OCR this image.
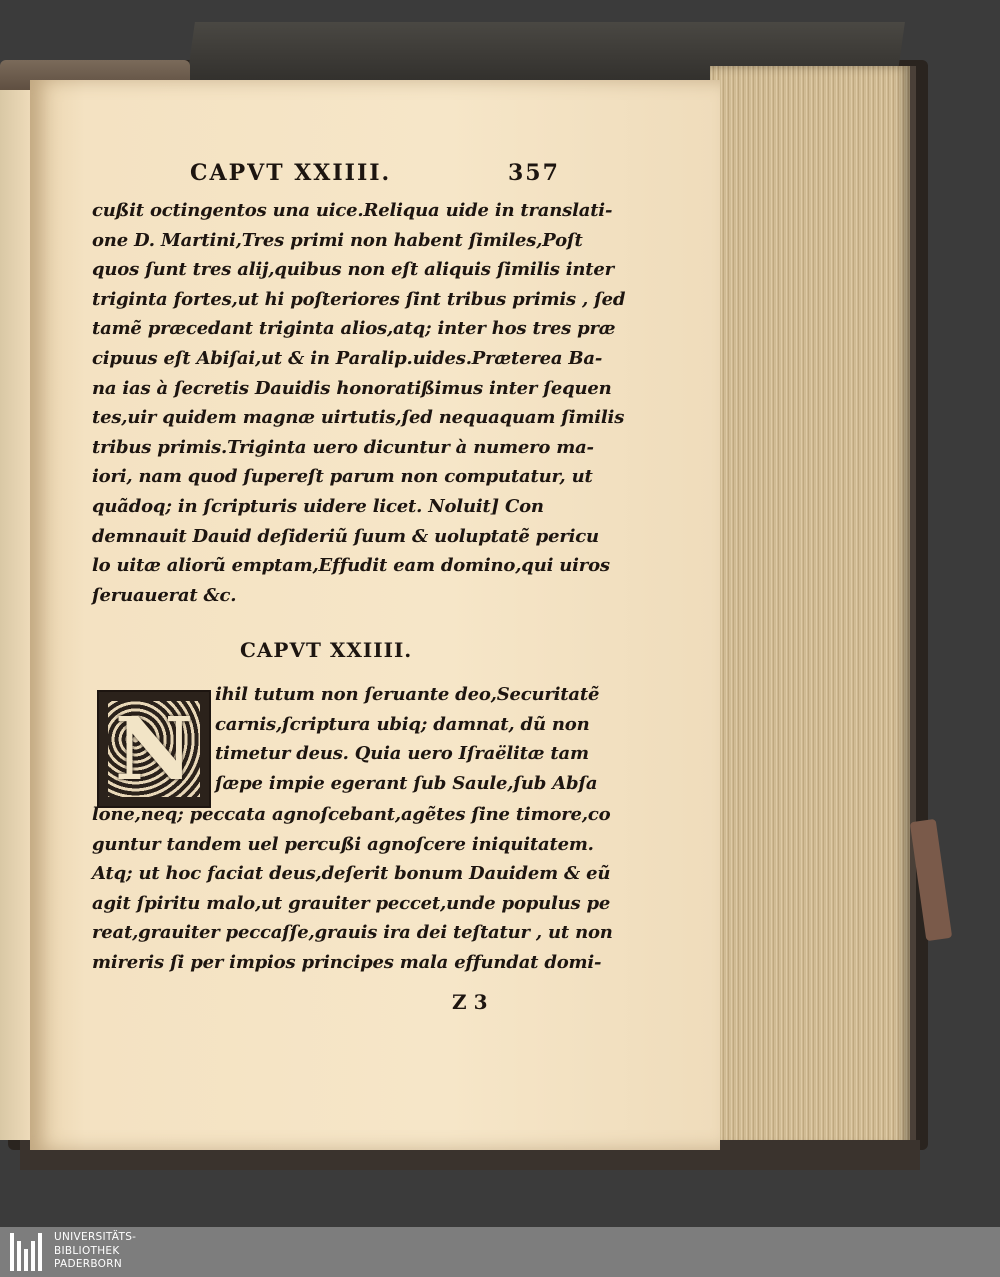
CAPVT XXIIII.	357
cußit octingentos una uice.Reliqua uide in translati-
one D. Martini,Tres primi non habent ſimiles,Poſt
quos ſunt tres alij,quibus non eſt aliquis ſimilis inter
triginta fortes,ut hi poſteriores ſint tribus primis , ſed
tamẽ præcedant triginta alios,atq; inter hos tres præ
cipuus eſt Abiſai,ut & in Paralip.uides.Præterea Ba-
na ias à ſecretis Dauidis honoratißimus inter ſequen
tes,uir quidem magnæ uirtutis,ſed nequaquam ſimilis
tribus primis.Triginta uero dicuntur à numero ma-
iori, nam quod ſupereſt parum non computatur, ut
quãdoq; in ſcripturis uidere licet. Noluit] Con
demnauit Dauid deſideriũ ſuum & uoluptatẽ pericu
lo uitæ aliorũ emptam,Effudit eam domino,qui uiros
ſeruauerat &c.
CAPVT XXIIII.
N
ihil tutum non ſeruante deo,Securitatẽ
carnis,ſcriptura ubiq; damnat, dũ non
timetur deus. Quia uero Iſraëlitæ tam
ſæpe impie egerant ſub Saule,ſub Abſa
lone,neq; peccata agnoſcebant,agẽtes ſine timore,co
guntur tandem uel percußi agnoſcere iniquitatem.
Atq; ut hoc faciat deus,deſerit bonum Dauidem & eũ
agit ſpiritu malo,ut grauiter peccet,unde populus pe
reat,grauiter peccaſſe,grauis ira dei teſtatur , ut non
mireris ſi per impios principes mala effundat domi-
Z 3
UNIVERSITÄTS-
BIBLIOTHEK
PADERBORN
